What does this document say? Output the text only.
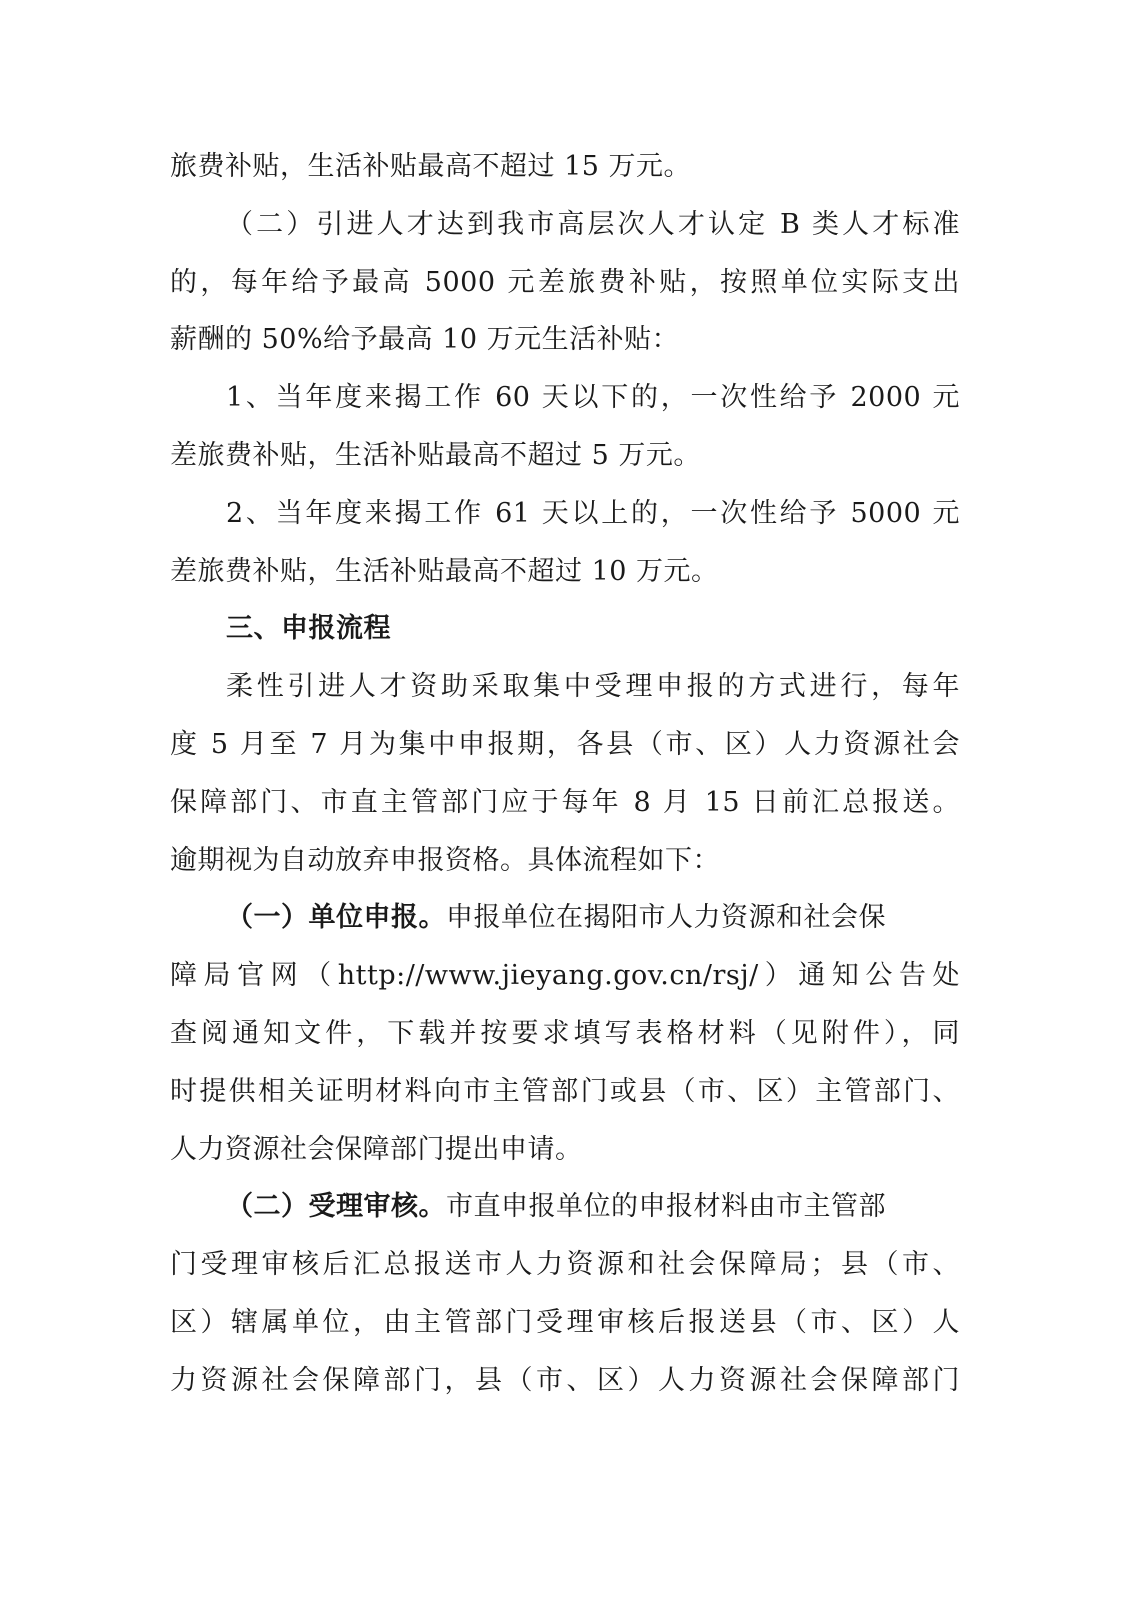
旅费补贴，生活补贴最高不超过 15 万元。
（二）引进人才达到我市高层次人才认定 B 类人才标准
的，每年给予最高 5000 元差旅费补贴，按照单位实际支出
薪酬的 50%给予最高 10 万元生活补贴：
1、当年度来揭工作 60 天以下的，一次性给予 2000 元
差旅费补贴，生活补贴最高不超过 5 万元。
2、当年度来揭工作 61 天以上的，一次性给予 5000 元
差旅费补贴，生活补贴最高不超过 10 万元。
三、申报流程
柔性引进人才资助采取集中受理申报的方式进行，每年
度 5 月至 7 月为集中申报期，各县（市、区）人力资源社会
保障部门、市直主管部门应于每年 8 月 15 日前汇总报送。
逾期视为自动放弃申报资格。具体流程如下：
（一）单位申报。申报单位在揭阳市人力资源和社会保
障局官网（http://www.jieyang.gov.cn/rsj/）通知公告处
查阅通知文件，下载并按要求填写表格材料（见附件），同
时提供相关证明材料向市主管部门或县（市、区）主管部门、
人力资源社会保障部门提出申请。
（二）受理审核。市直申报单位的申报材料由市主管部
门受理审核后汇总报送市人力资源和社会保障局；县（市、
区）辖属单位，由主管部门受理审核后报送县（市、区）人
力资源社会保障部门，县（市、区）人力资源社会保障部门
